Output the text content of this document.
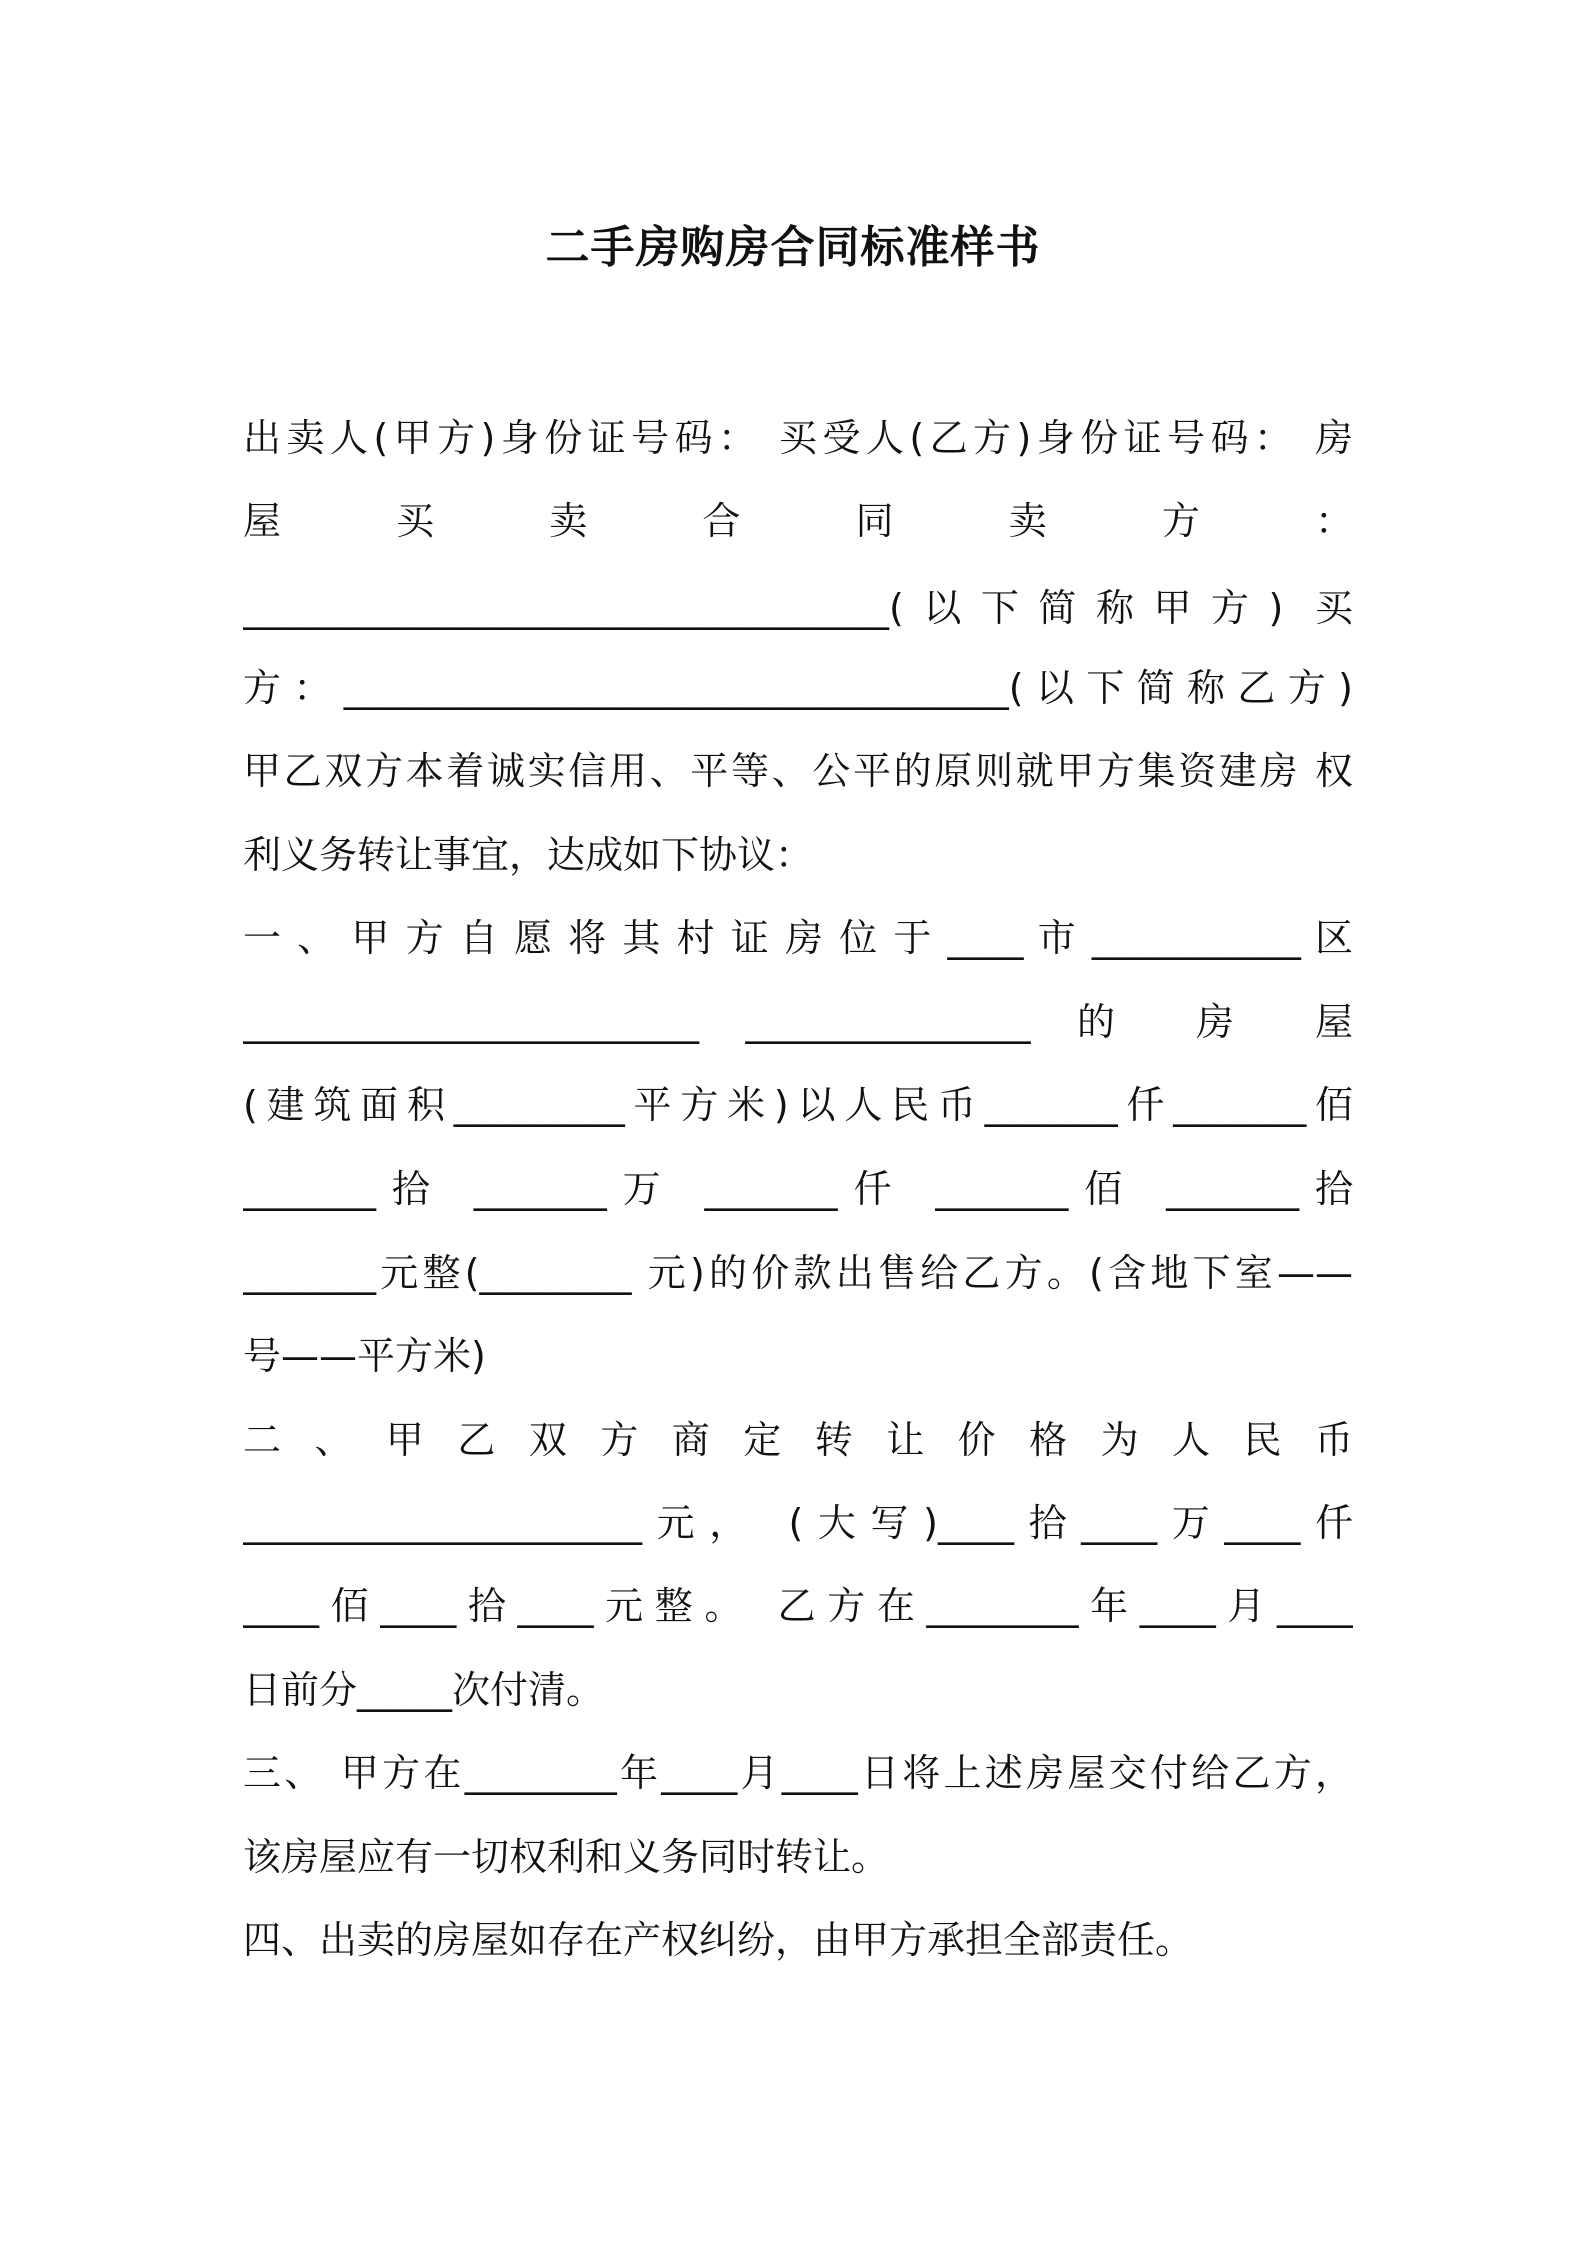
二手房购房合同标准样书
出卖人(甲方)身份证号码： 买受人(乙方)身份证号码： 房
屋 买 卖 合 同 卖 方 ：
__________________________________(以下简称甲方) 买
方：___________________________________(以下简称乙方)
甲乙双方本着诚实信用、平等、公平的原则就甲方集资建房 权
利义务转让事宜，达成如下协议：
一 、 甲 方 自 愿 将 其 村 证 房 位 于 ____ 市 ___________ 区
________________________ _______________ 的 房 屋
(建筑面积_________平方米)以人民币_______仟_______佰
_______拾 _______万 _______仟 _______佰 _______拾
_______元整(________ 元)的价款出售给乙方。(含地下室——
号——平方米)
二 、 甲 乙 双 方 商 定 转 让 价 格 为 人 民 币
_____________________元， (大写)____拾____万____仟
____佰____拾____元整。 乙方在________年____月____
日前分_____次付清。
三、 甲方在________年____月____日将上述房屋交付给乙方，
该房屋应有一切权利和义务同时转让。
四、出卖的房屋如存在产权纠纷，由甲方承担全部责任。
